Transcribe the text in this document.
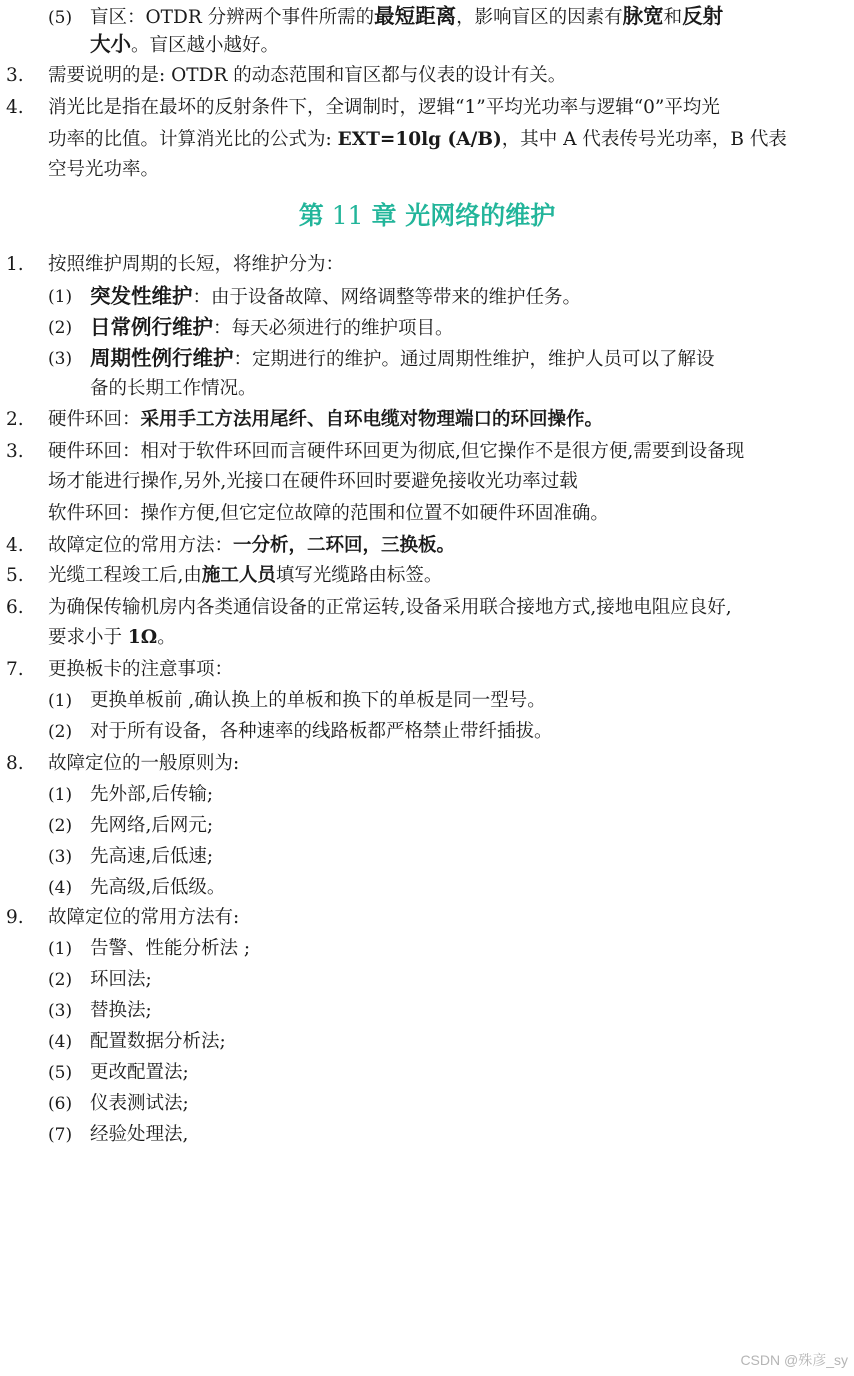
(5) 盲区：OTDR 分辨两个事件所需的最短距离，影响盲区的因素有脉宽和反射
大小。盲区越小越好。
3. 需要说明的是: OTDR 的动态范围和盲区都与仪表的设计有关。
4. 消光比是指在最坏的反射条件下，全调制时，逻辑“1”平均光功率与逻辑“0”平均光
功率的比值。计算消光比的公式为: EXT=10lg (A/B)，其中 A 代表传号光功率，B 代表
空号光功率。
第 11 章 光网络的维护
1. 按照维护周期的长短，将维护分为：
(1) 突发性维护：由于设备故障、网络调整等带来的维护任务。
(2) 日常例行维护：每天必须进行的维护项目。
(3) 周期性例行维护：定期进行的维护。通过周期性维护，维护人员可以了解设
备的长期工作情况。
2. 硬件环回：采用手工方法用尾纤、自环电缆对物理端口的环回操作。
3. 硬件环回：相对于软件环回而言硬件环回更为彻底,但它操作不是很方便,需要到设备现
场才能进行操作,另外,光接口在硬件环回时要避免接收光功率过载
软件环回：操作方便,但它定位故障的范围和位置不如硬件环固准确。
4. 故障定位的常用方法：一分析，二环回，三换板。
5. 光缆工程竣工后,由施工人员填写光缆路由标签。
6. 为确保传输机房内各类通信设备的正常运转,设备采用联合接地方式,接地电阻应良好,
要求小于 1Ω。
7. 更换板卡的注意事项：
(1) 更换单板前 ,确认换上的单板和换下的单板是同一型号。
(2) 对于所有设备，各种速率的线路板都严格禁止带纤插拔。
8. 故障定位的一般原则为:
(1) 先外部,后传输;
(2) 先网络,后网元;
(3) 先高速,后低速;
(4) 先高级,后低级。
9. 故障定位的常用方法有:
(1) 告警、性能分析法 ;
(2) 环回法;
(3) 替换法;
(4) 配置数据分析法;
(5) 更改配置法;
(6) 仪表测试法;
(7) 经验处理法,
CSDN @殊彦_sy
